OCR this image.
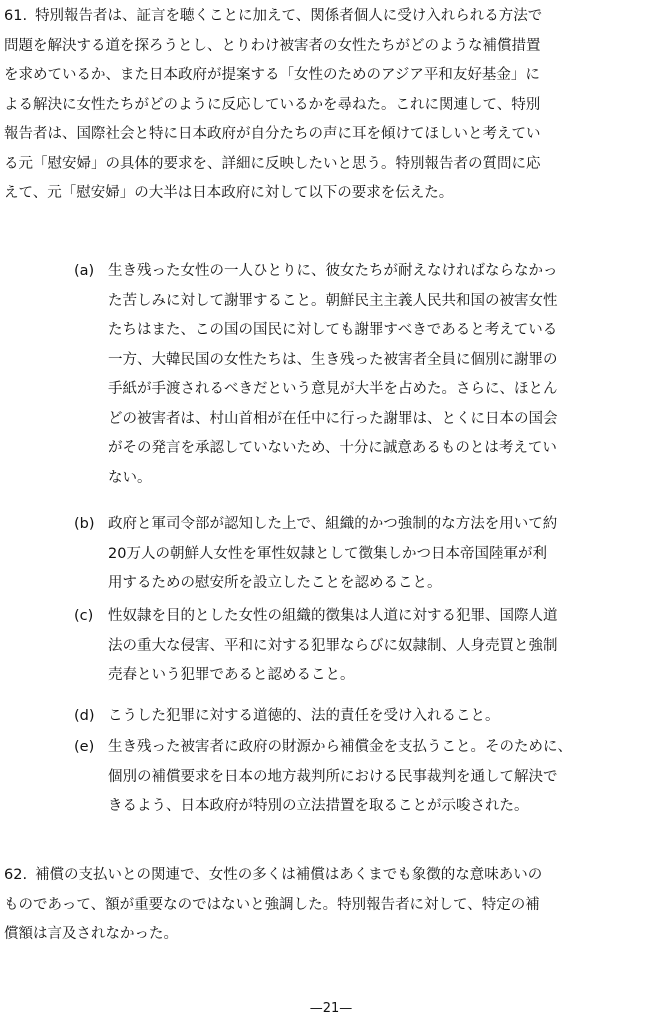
61. 特別報告者は、証言を聴くことに加えて、関係者個人に受け入れられる方法で
問題を解決する道を探ろうとし、とりわけ被害者の女性たちがどのような補償措置
を求めているか、また日本政府が提案する「女性のためのアジア平和友好基金」に
よる解決に女性たちがどのように反応しているかを尋ねた。これに関連して、特別
報告者は、国際社会と特に日本政府が自分たちの声に耳を傾けてほしいと考えてい
る元「慰安婦」の具体的要求を、詳細に反映したいと思う。特別報告者の質問に応
えて、元「慰安婦」の大半は日本政府に対して以下の要求を伝えた。
(a) 生き残った女性の一人ひとりに、彼女たちが耐えなければならなかっ
た苦しみに対して謝罪すること。朝鮮民主主義人民共和国の被害女性
たちはまた、この国の国民に対しても謝罪すべきであると考えている
一方、大韓民国の女性たちは、生き残った被害者全員に個別に謝罪の
手紙が手渡されるべきだという意見が大半を占めた。さらに、ほとん
どの被害者は、村山首相が在任中に行った謝罪は、とくに日本の国会
がその発言を承認していないため、十分に誠意あるものとは考えてい
ない。
(b) 政府と軍司令部が認知した上で、組織的かつ強制的な方法を用いて約
20万人の朝鮮人女性を軍性奴隷として徴集しかつ日本帝国陸軍が利
用するための慰安所を設立したことを認めること。
(c)	性奴隷を目的とした女性の組織的徴集は人道に対する犯罪、国際人道
法の重大な侵害、平和に対する犯罪ならびに奴隷制、人身売買と強制
売春という犯罪であると認めること。
(d) こうした犯罪に対する道徳的、法的責任を受け入れること。
(e) 生き残った被害者に政府の財源から補償金を支払うこと。そのために、
個別の補償要求を日本の地方裁判所における民事裁判を通して解決で
きるよう、日本政府が特別の立法措置を取ることが示唆された。
62. 補償の支払いとの関連で、女性の多くは補償はあくまでも象徴的な意味あいの
ものであって、額が重要なのではないと強調した。特別報告者に対して、特定の補
償額は言及されなかった。
—21—
